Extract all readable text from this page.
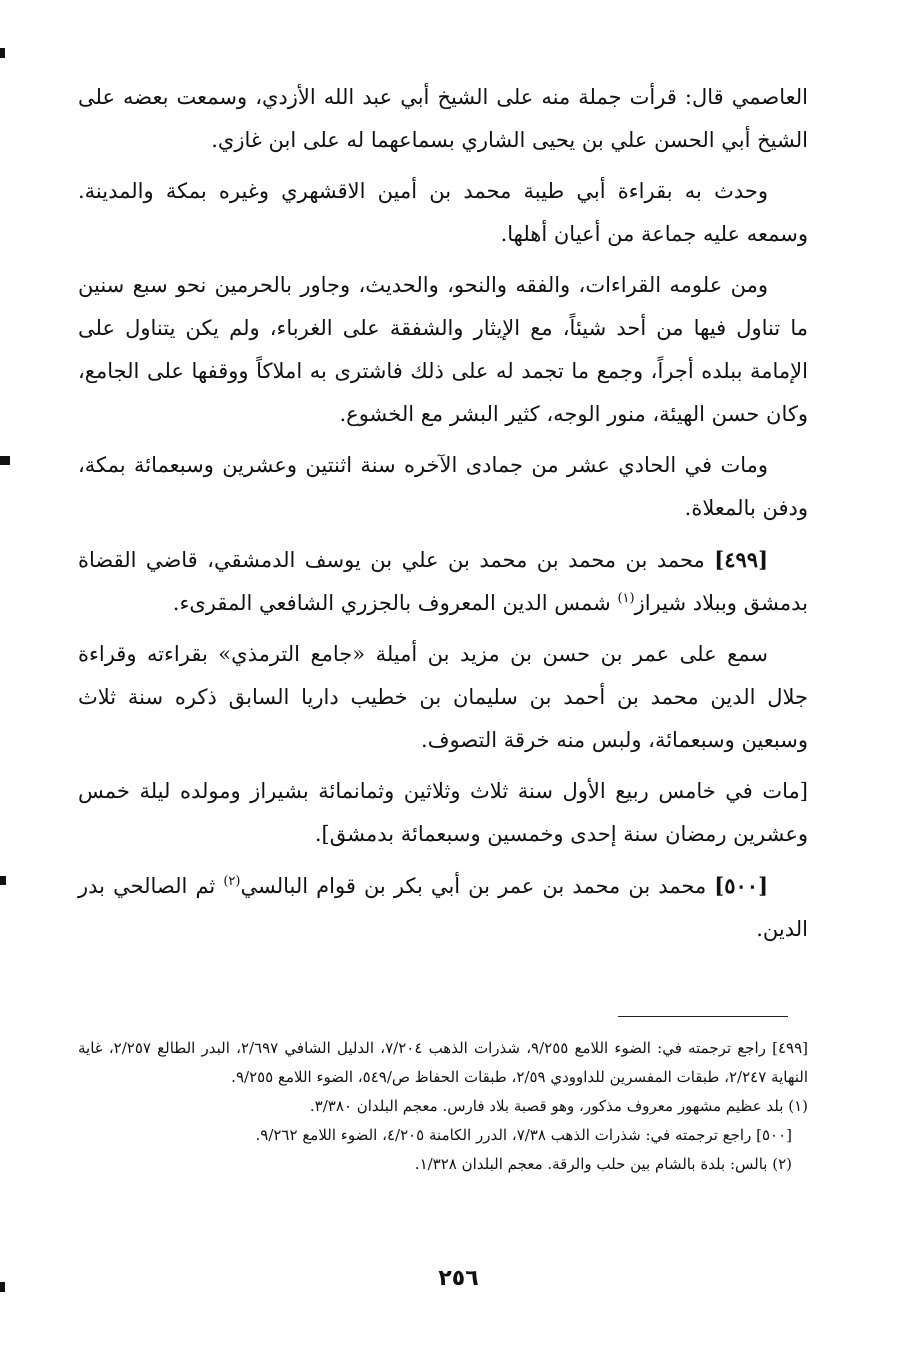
العاصمي قال: قرأت جملة منه على الشيخ أبي عبد الله الأزدي، وسمعت بعضه على الشيخ أبي الحسن علي بن يحيى الشاري بسماعهما له على ابن غازي.

وحدث به بقراءة أبي طيبة محمد بن أمين الاقشهري وغيره بمكة والمدينة. وسمعه عليه جماعة من أعيان أهلها.

ومن علومه القراءات، والفقه والنحو، والحديث، وجاور بالحرمين نحو سبع سنين ما تناول فيها من أحد شيئاً، مع الإيثار والشفقة على الغرباء، ولم يكن يتناول على الإمامة ببلده أجراً، وجمع ما تجمد له على ذلك فاشترى به املاكاً ووقفها على الجامع، وكان حسن الهيئة، منور الوجه، كثير البشر مع الخشوع.

ومات في الحادي عشر من جمادى الآخره سنة اثنتين وعشرين وسبعمائة بمكة، ودفن بالمعلاة.

[٤٩٩] محمد بن محمد بن محمد بن علي بن يوسف الدمشقي، قاضي القضاة بدمشق وببلاد شيراز$^{(١)}$ شمس الدين المعروف بالجزري الشافعي المقرىء.

سمع على عمر بن حسن بن مزيد بن أميلة «جامع الترمذي» بقراءته وقراءة جلال الدين محمد بن أحمد بن سليمان بن خطيب داريا السابق ذكره سنة ثلاث وسبعين وسبعمائة، ولبس منه خرقة التصوف.

[مات في خامس ربيع الأول سنة ثلاث وثلاثين وثمانمائة بشيراز ومولده ليلة خمس وعشرين رمضان سنة إحدى وخمسين وسبعمائة بدمشق].

[٥٠٠] محمد بن محمد بن عمر بن أبي بكر بن قوام البالسي$^{(٢)}$ ثم الصالحي بدر الدين.

[٤٩٩] راجع ترجمته في: الضوء اللامع ٩/٢٥٥، شذرات الذهب ٧/٢٠٤، الدليل الشافي ٢/٦٩٧، البدر الطالع ٢/٢٥٧، غاية النهاية ٢/٢٤٧، طبقات المفسرين للداوودي ٢/٥٩، طبقات الحفاظ ص/٥٤٩، الضوء اللامع ٩/٢٥٥.

(١) بلد عظيم مشهور معروف مذكور، وهو قصبة بلاد فارس. معجم البلدان ٣/٣٨٠.

[٥٠٠] راجع ترجمته في: شذرات الذهب ٧/٣٨، الدرر الكامنة ٤/٢٠٥، الضوء اللامع ٩/٢٦٢.

(٢) بالس: بلدة بالشام بين حلب والرقة. معجم البلدان ١/٣٢٨.

٢٥٦
